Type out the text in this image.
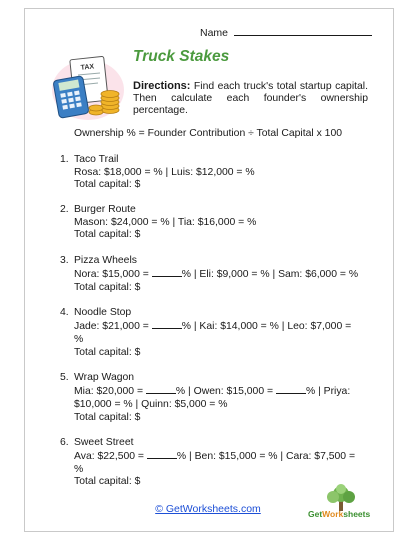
Name
TAX
Truck Stakes
Directions: Find each truck's total startup capital. Then calculate each founder's ownership percentage.
Ownership % = Founder Contribution ÷ Total Capital x 100
1. Taco Trail
Rosa: $18,000 = % | Luis: $12,000 = %
Total capital: $
2. Burger Route
Mason: $24,000 = % | Tia: $16,000 = %
Total capital: $
3. Pizza Wheels
Nora: $15,000 =	% | Eli: $9,000 = % | Sam: $6,000 = %
Total capital: $
4. Noodle Stop
Jade: $21,000 =	% | Kai: $14,000 = % | Leo: $7,000 = %
Total capital: $
5. Wrap Wagon
Mia: $20,000 =	% | Owen: $15,000 =	% | Priya:
$10,000 = % | Quinn: $5,000 = %
Total capital: $
6. Sweet Street
Ava: $22,500 =	% | Ben: $15,000 = % | Cara: $7,500 = %
Total capital: $
© GetWorksheets.com	GetWorksheets
